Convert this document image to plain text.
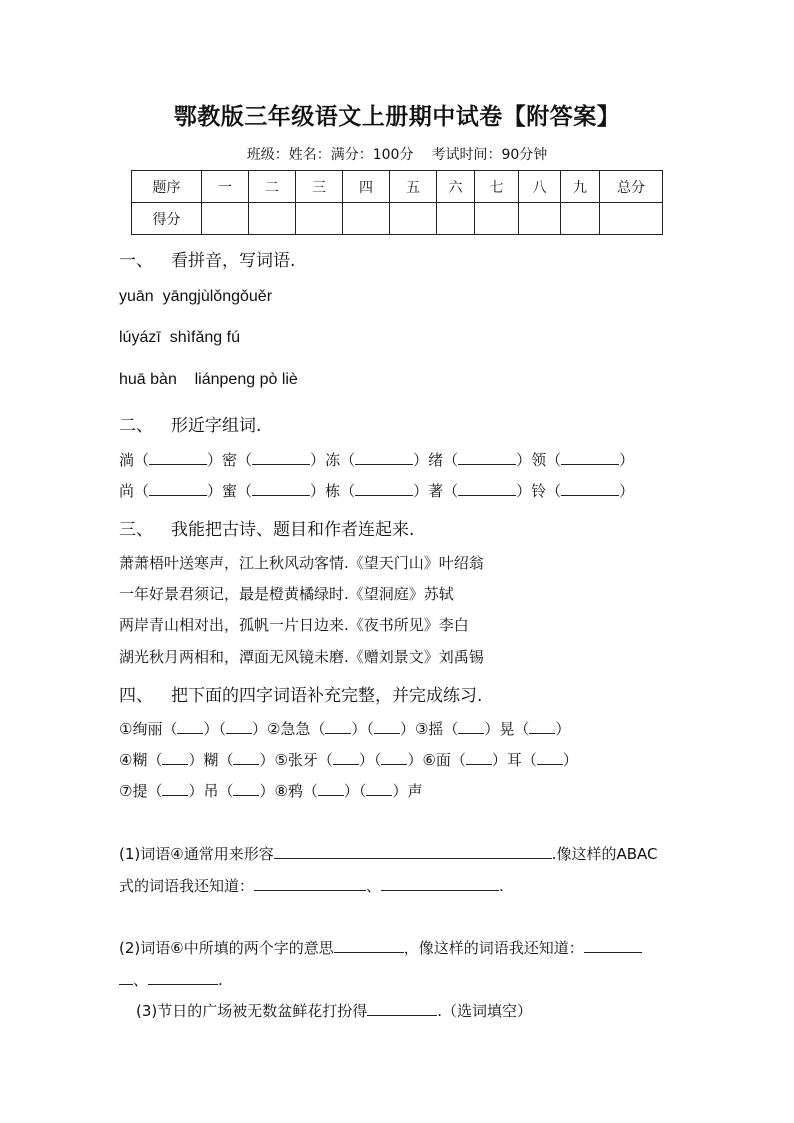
鄂教版三年级语文上册期中试卷【附答案】
班级：姓名：满分：100分 考试时间：90分钟
题序	一	二	三	四	五	六	七	八	九	总分
得分										
一、 看拼音，写词语.
yuān yāngjùlǒngǒuěr
lúyázī shìfǎng fú
huā bàn liánpeng pò liè
二、 形近字组词.
淌（	）密（	）冻（	）绪（	）领（	）
尚（	）蜜（	）栋（	）著（	）铃（	）
三、 我能把古诗、题目和作者连起来.
萧萧梧叶送寒声，江上秋风动客情.《望天门山》叶绍翁
一年好景君须记，最是橙黄橘绿时.《望洞庭》苏轼
两岸青山相对出，孤帆一片日边来.《夜书所见》李白
湖光秋月两相和，潭面无风镜未磨.《赠刘景文》刘禹锡
四、 把下面的四字词语补充完整，并完成练习.
①绚丽（ ）（ ）②急急（ ）（ ）③摇（ ）晃（ ）
④糊（ ）糊（ ）⑤张牙（ ）（ ）⑥面（ ）耳（ ）
⑦提（ ）吊（ ）⑧鸦（ ）（ ）声
(1)词语④通常用来形容	.像这样的ABAC
式的词语我还知道：	、	.
(2)词语⑥中所填的两个字的意思	，像这样的词语我还知道：
、	.
(3)节日的广场被无数盆鲜花打扮得	.（选词填空）
